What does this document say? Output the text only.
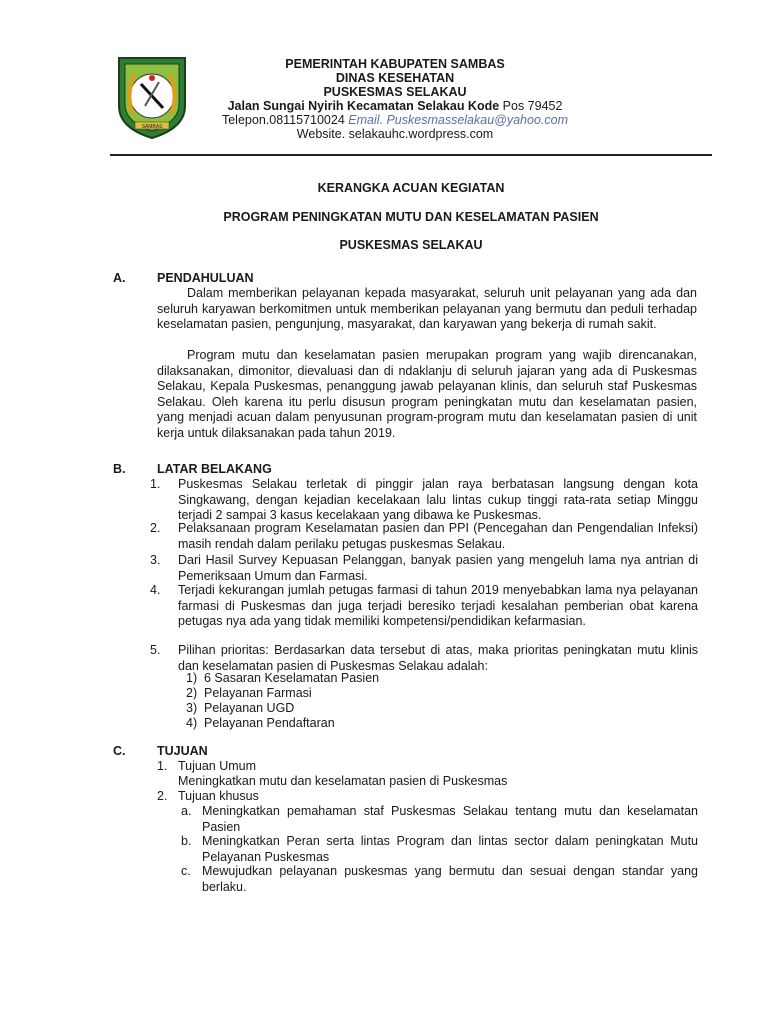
SAMBAS
PEMERINTAH KABUPATEN SAMBAS
DINAS KESEHATAN
PUSKESMAS SELAKAU
Jalan Sungai Nyirih Kecamatan Selakau Kode Pos 79452
Telepon.08115710024 Email. Puskesmasselakau@yahoo.com
Website. selakauhc.wordpress.com
KERANGKA ACUAN KEGIATAN
PROGRAM PENINGKATAN MUTU DAN KESELAMATAN PASIEN
PUSKESMAS SELAKAU
A.	PENDAHULUAN
Dalam memberikan pelayanan kepada masyarakat, seluruh unit pelayanan yang ada dan seluruh karyawan berkomitmen untuk memberikan pelayanan yang bermutu dan peduli terhadap keselamatan pasien, pengunjung, masyarakat, dan karyawan yang bekerja di rumah sakit.
Program mutu dan keselamatan pasien merupakan program yang wajib direncanakan, dilaksanakan, dimonitor, dievaluasi dan di ndaklanju di seluruh jajaran yang ada di Puskesmas Selakau, Kepala Puskesmas, penanggung jawab pelayanan klinis, dan seluruh staf Puskesmas Selakau. Oleh karena itu perlu disusun program peningkatan mutu dan keselamatan pasien, yang menjadi acuan dalam penyusunan program-program mutu dan keselamatan pasien di unit kerja untuk dilaksanakan pada tahun 2019.
B.	LATAR BELAKANG
1. Puskesmas Selakau terletak di pinggir jalan raya berbatasan langsung dengan kota Singkawang, dengan kejadian kecelakaan lalu lintas cukup tinggi rata-rata setiap Minggu terjadi 2 sampai 3 kasus kecelakaan yang dibawa ke Puskesmas.
2. Pelaksanaan program Keselamatan pasien dan PPI (Pencegahan dan Pengendalian Infeksi) masih rendah dalam perilaku petugas puskesmas Selakau.
3. Dari Hasil Survey Kepuasan Pelanggan, banyak pasien yang mengeluh lama nya antrian di Pemeriksaan Umum dan Farmasi.
4. Terjadi kekurangan jumlah petugas farmasi di tahun 2019 menyebabkan lama nya pelayanan farmasi di Puskesmas dan juga terjadi beresiko terjadi kesalahan pemberian obat karena petugas nya ada yang tidak memiliki kompetensi/pendidikan kefarmasian.
5. Pilihan prioritas: Berdasarkan data tersebut di atas, maka prioritas peningkatan mutu klinis dan keselamatan pasien di Puskesmas Selakau adalah:
1) 6 Sasaran Keselamatan Pasien
2) Pelayanan Farmasi
3) Pelayanan UGD
4) Pelayanan Pendaftaran
C.	TUJUAN
1. Tujuan Umum
Meningkatkan mutu dan keselamatan pasien di Puskesmas
2. Tujuan khusus
a. Meningkatkan pemahaman staf Puskesmas Selakau tentang mutu dan keselamatan Pasien
b. Meningkatkan Peran serta lintas Program dan lintas sector dalam peningkatan Mutu Pelayanan Puskesmas
c. Mewujudkan pelayanan puskesmas yang bermutu dan sesuai dengan standar yang berlaku.
